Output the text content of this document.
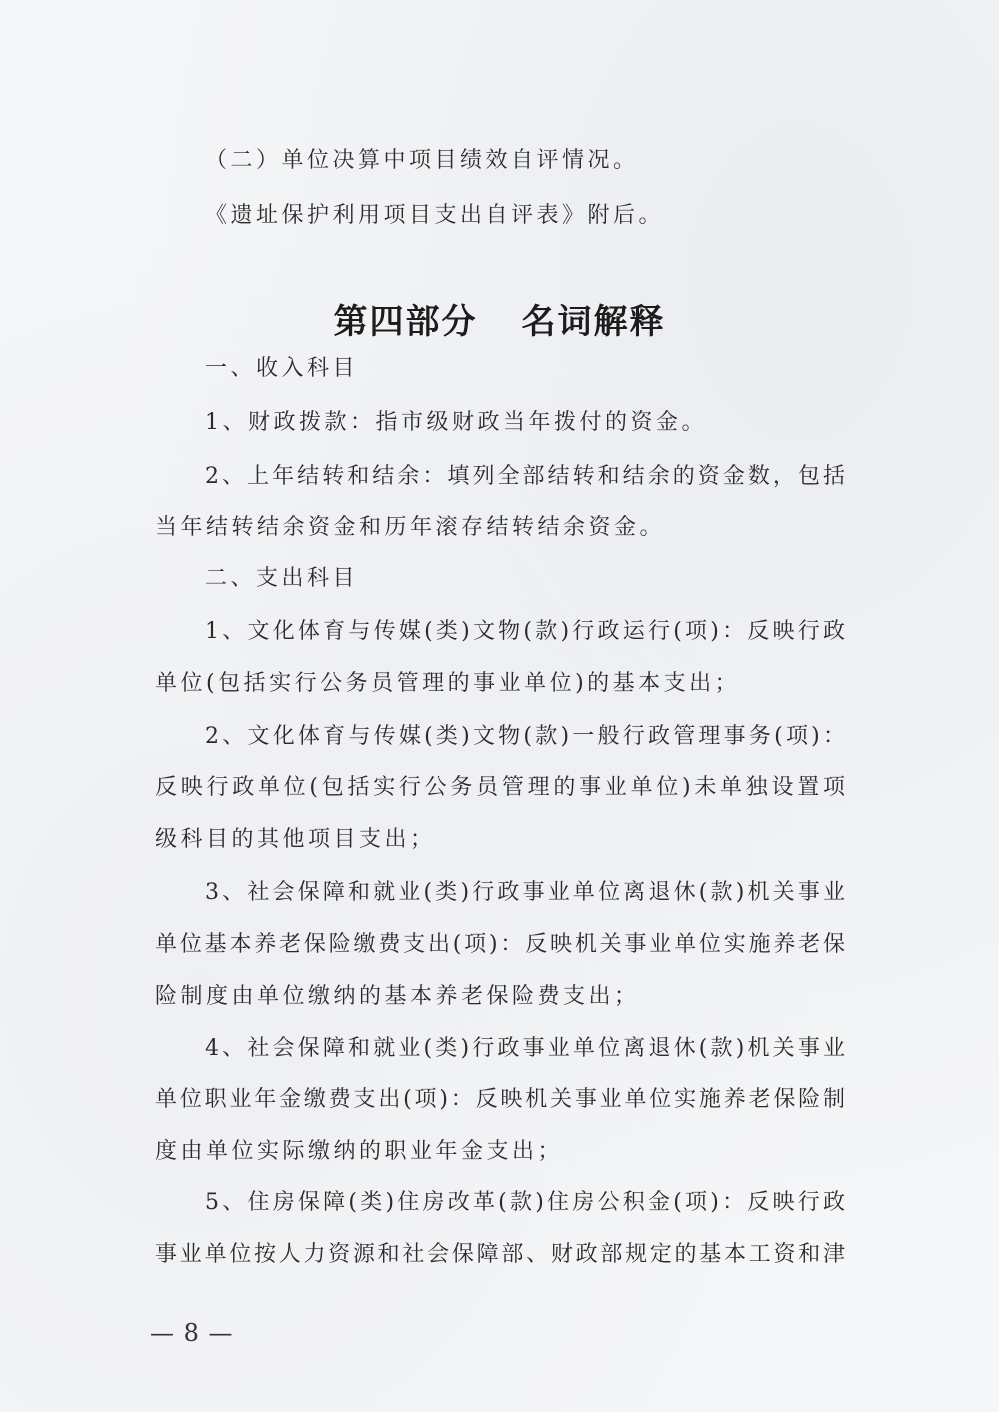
（二）单位决算中项目绩效自评情况。
《遗址保护利用项目支出自评表》附后。
第四部分 名词解释
一、收入科目
1、财政拨款：指市级财政当年拨付的资金。
2、上年结转和结余：填列全部结转和结余的资金数，包括
当年结转结余资金和历年滚存结转结余资金。
二、支出科目
1、文化体育与传媒(类)文物(款)行政运行(项)：反映行政
单位(包括实行公务员管理的事业单位)的基本支出；
2、文化体育与传媒(类)文物(款)一般行政管理事务(项)：
反映行政单位(包括实行公务员管理的事业单位)未单独设置项
级科目的其他项目支出；
3、社会保障和就业(类)行政事业单位离退休(款)机关事业
单位基本养老保险缴费支出(项)：反映机关事业单位实施养老保
险制度由单位缴纳的基本养老保险费支出；
4、社会保障和就业(类)行政事业单位离退休(款)机关事业
单位职业年金缴费支出(项)：反映机关事业单位实施养老保险制
度由单位实际缴纳的职业年金支出；
5、住房保障(类)住房改革(款)住房公积金(项)：反映行政
事业单位按人力资源和社会保障部、财政部规定的基本工资和津
— 8 —
